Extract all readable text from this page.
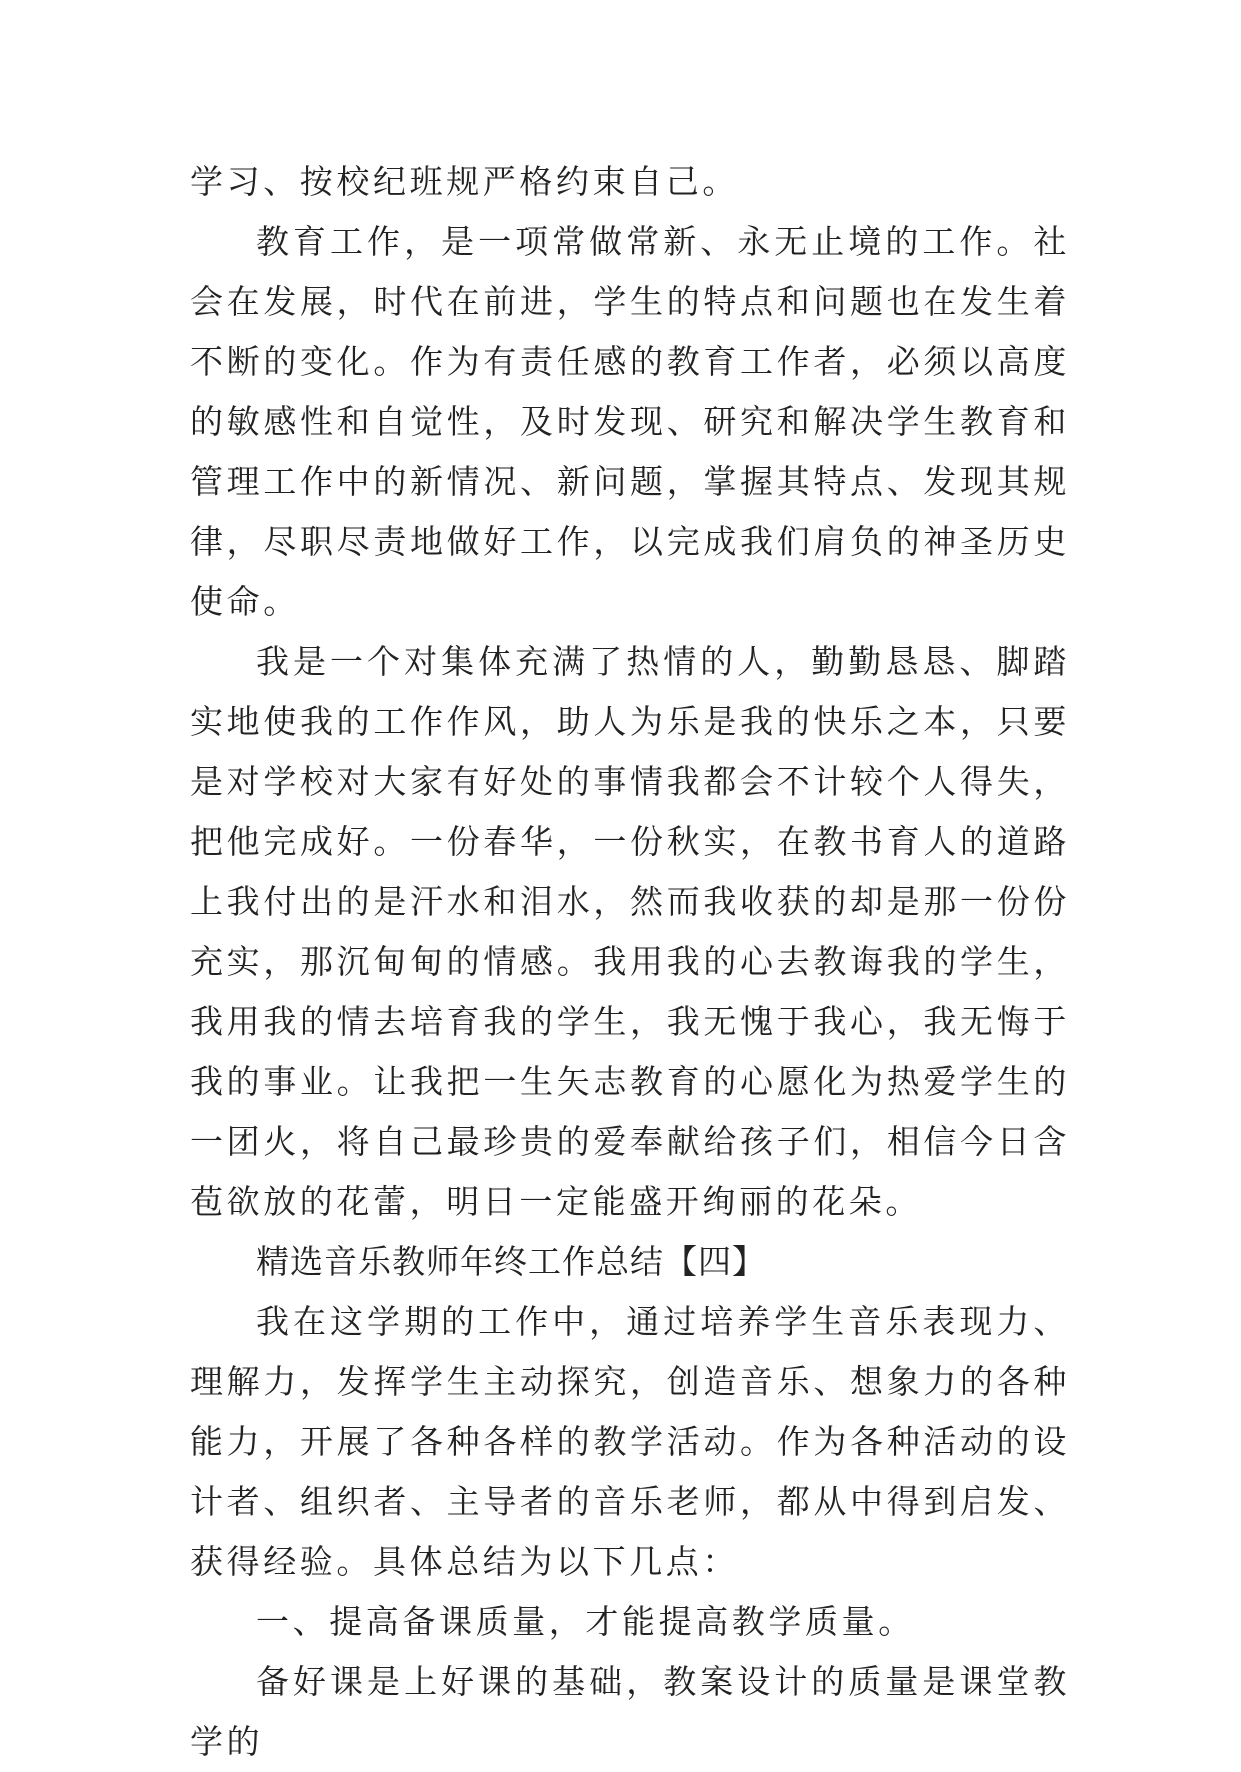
学习、按校纪班规严格约束自己。

教育工作，是一项常做常新、永无止境的工作。社会在发展，时代在前进，学生的特点和问题也在发生着不断的变化。作为有责任感的教育工作者，必须以高度的敏感性和自觉性，及时发现、研究和解决学生教育和管理工作中的新情况、新问题，掌握其特点、发现其规律，尽职尽责地做好工作，以完成我们肩负的神圣历史使命。

我是一个对集体充满了热情的人，勤勤恳恳、脚踏实地使我的工作作风，助人为乐是我的快乐之本，只要是对学校对大家有好处的事情我都会不计较个人得失，把他完成好。一份春华，一份秋实，在教书育人的道路上我付出的是汗水和泪水，然而我收获的却是那一份份充实，那沉甸甸的情感。我用我的心去教诲我的学生，我用我的情去培育我的学生，我无愧于我心，我无悔于我的事业。让我把一生矢志教育的心愿化为热爱学生的一团火，将自己最珍贵的爱奉献给孩子们，相信今日含苞欲放的花蕾，明日一定能盛开绚丽的花朵。

精选音乐教师年终工作总结【四】

我在这学期的工作中，通过培养学生音乐表现力、理解力，发挥学生主动探究，创造音乐、想象力的各种能力，开展了各种各样的教学活动。作为各种活动的设计者、组织者、主导者的音乐老师，都从中得到启发、获得经验。具体总结为以下几点：

一、提高备课质量，才能提高教学质量。

备好课是上好课的基础，教案设计的质量是课堂教学的
